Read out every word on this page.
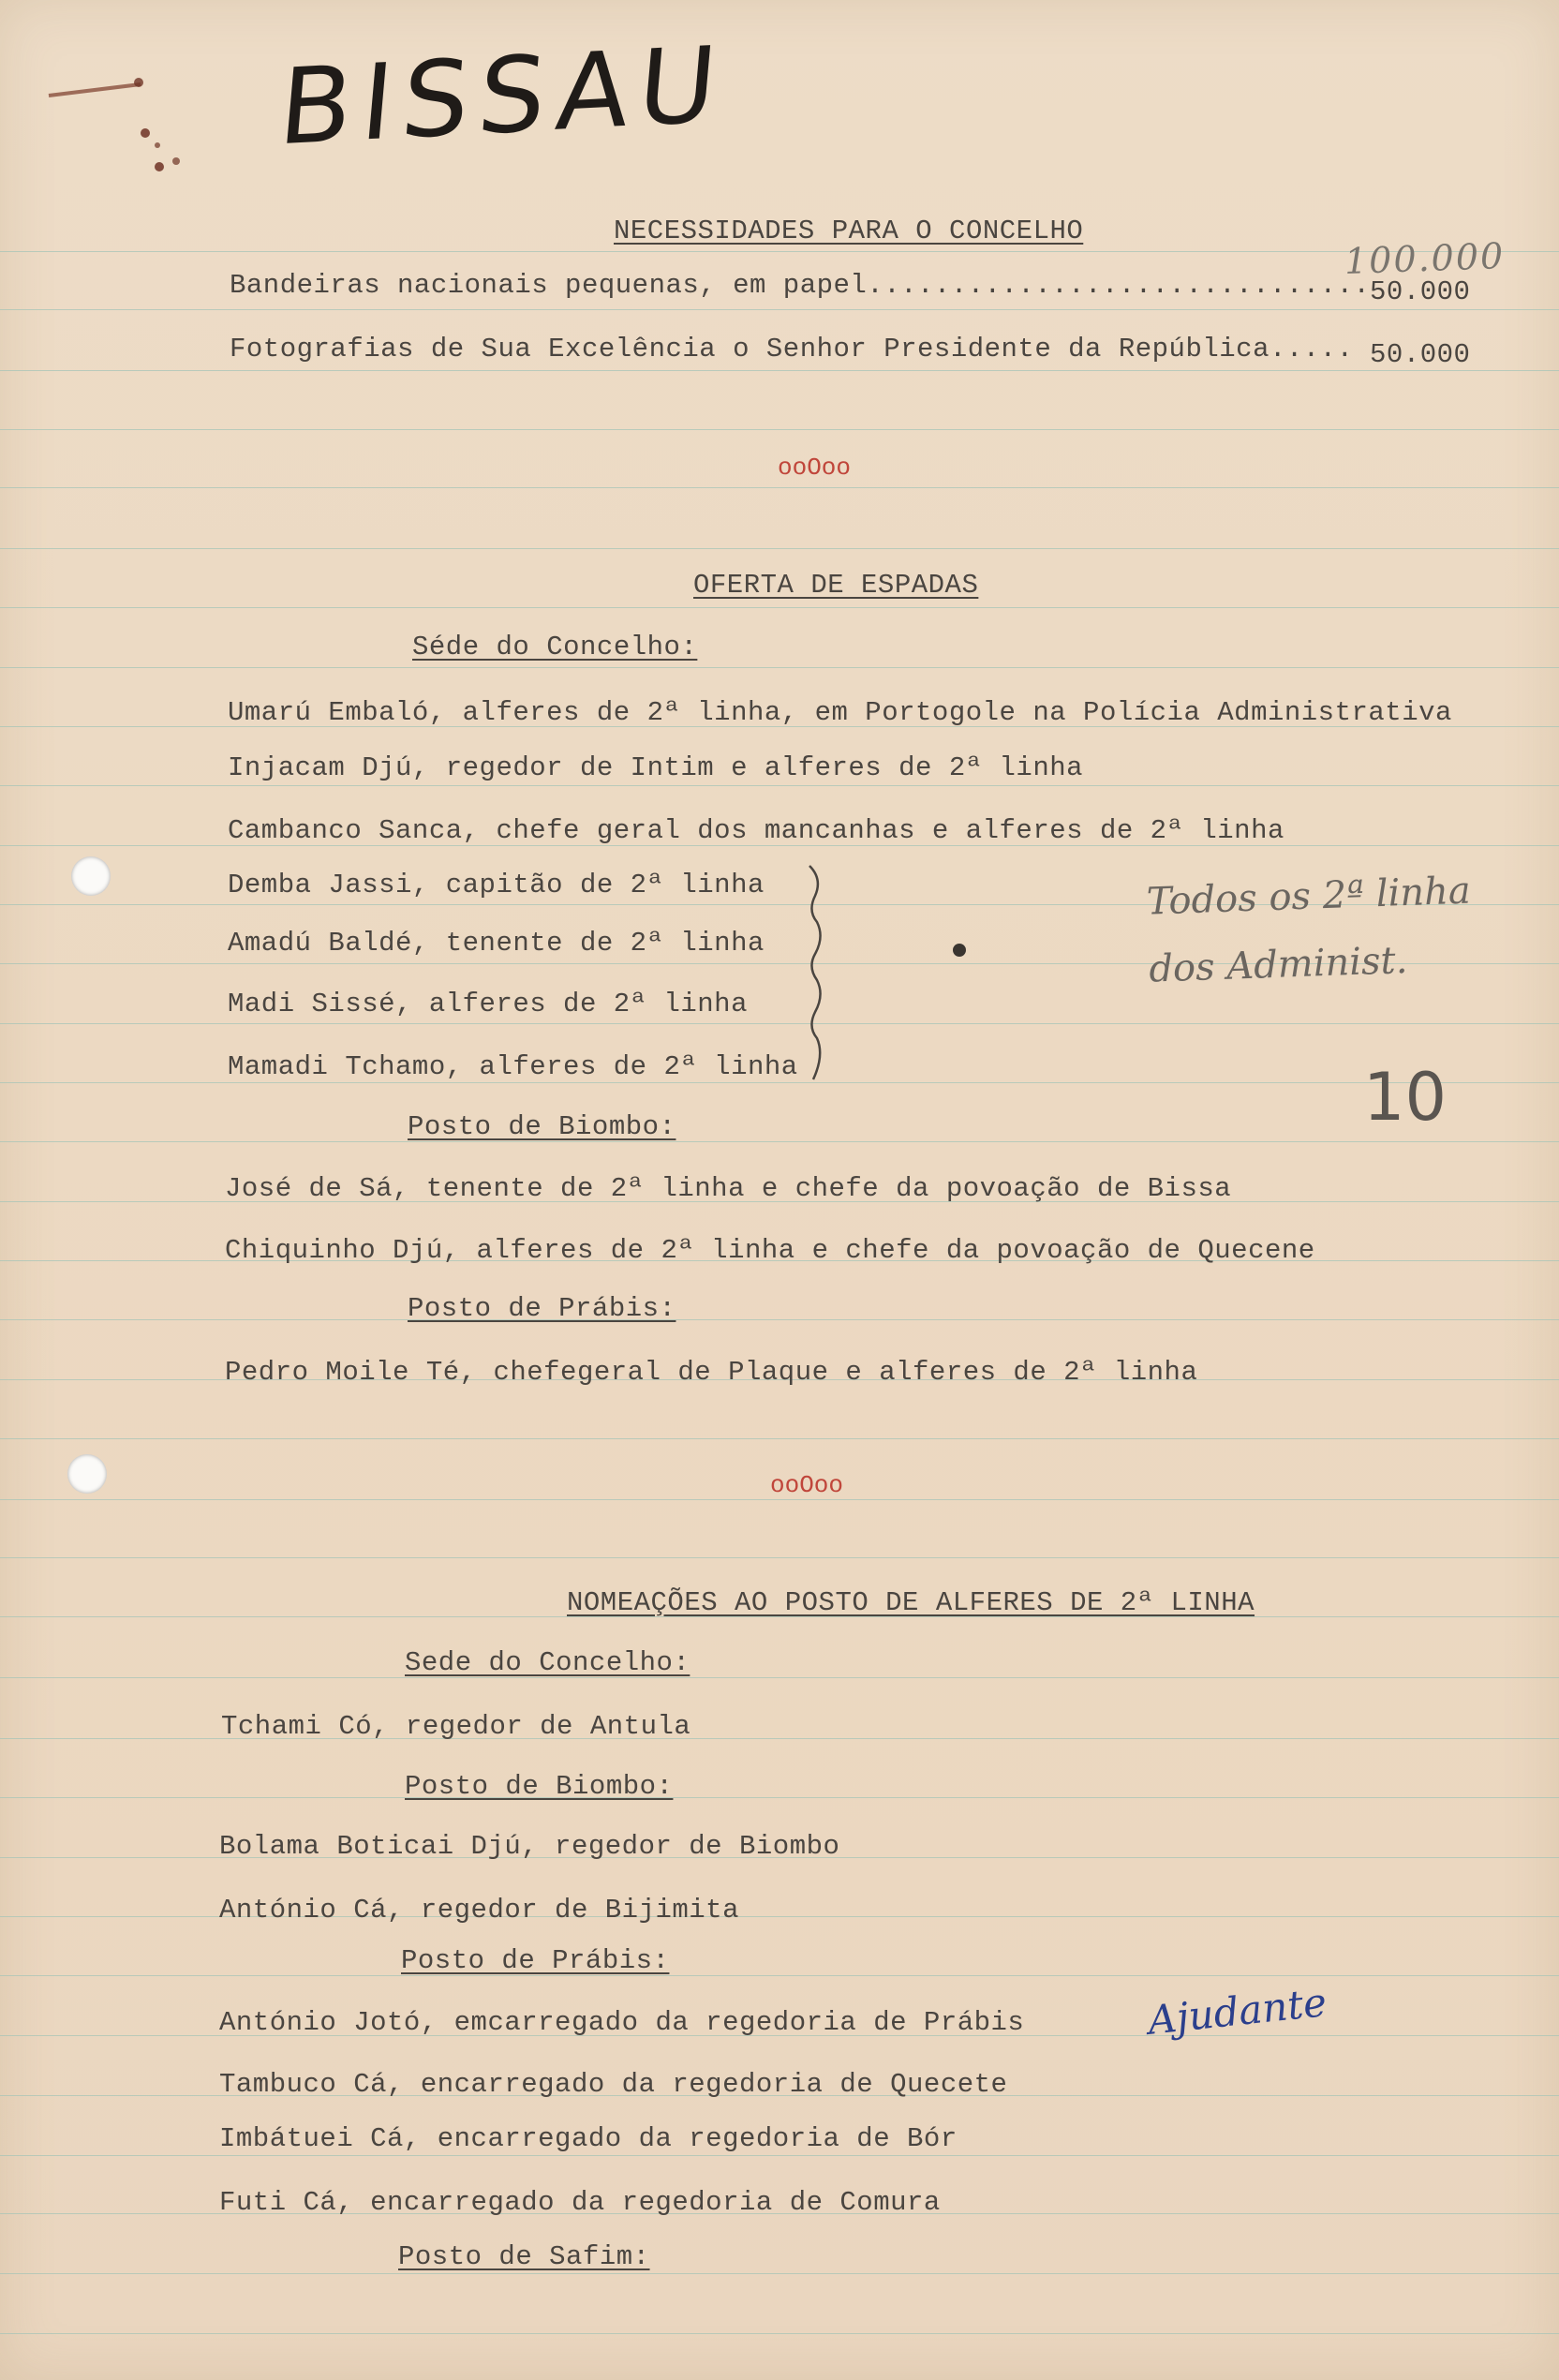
BISSAU
100.000
NECESSIDADES PARA O CONCELHO
Bandeiras nacionais pequenas, em papel.............................. 50.000
Fotografias de Sua Excelência o Senhor Presidente da República..... 50.000
ooOoo
OFERTA DE ESPADAS
Séde do Concelho:
Umarú Embaló, alferes de 2ª linha, em Portogole na Polícia Administrativa
Injacam Djú, regedor de Intim e alferes de 2ª linha
Cambanco Sanca, chefe geral dos mancanhas e alferes de 2ª linha
Demba Jassi, capitão de 2ª linha
Amadú Baldé, tenente de 2ª linha
Madi Sissé, alferes de 2ª linha
Mamadi Tchamo, alferes de 2ª linha
Todos os 2ª linha dos Administ.
10
Posto de Biombo:
José de Sá, tenente de 2ª linha e chefe da povoação de Bissa
Chiquinho Djú, alferes de 2ª linha e chefe da povoação de Quecene
Posto de Prábis:
Pedro Moile Té, chefegeral de Plaque e alferes de 2ª linha
ooOoo
NOMEAÇÕES AO POSTO DE ALFERES DE 2ª LINHA
Sede do Concelho:
Tchami Có, regedor de Antula
Posto de Biombo:
Bolama Boticai Djú, regedor de Biombo
António Cá, regedor de Bijimita
Posto de Prábis:
António Jotó, emcarregado da regedoria de Prábis	Ajudante
Tambuco Cá, encarregado da regedoria de Quecete
Imbátuei Cá, encarregado da regedoria de Bór
Futi Cá, encarregado da regedoria de Comura
Posto de Safim:
